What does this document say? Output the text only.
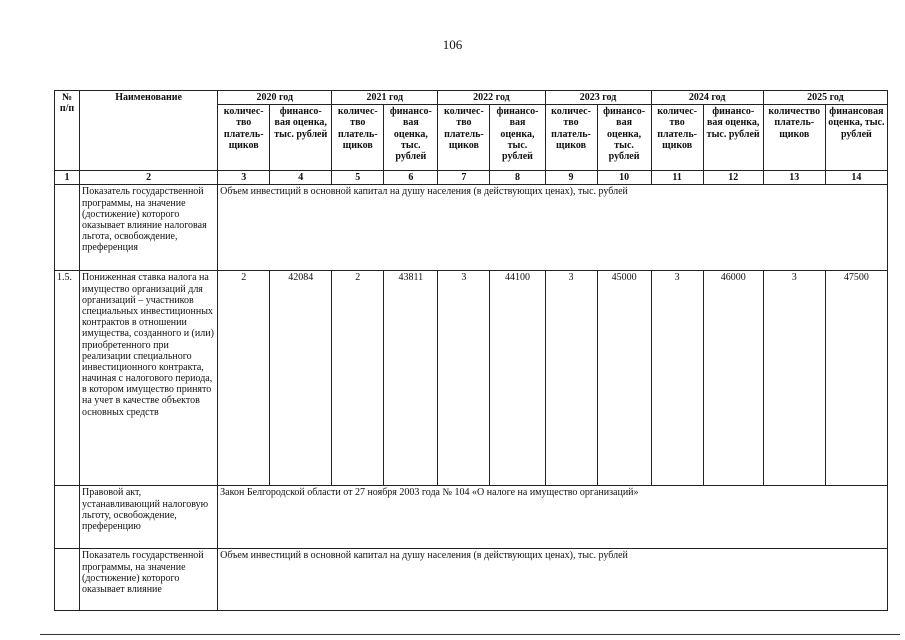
106
№ п/п	Наименование	2020 год		2021 год		2022 год		2023 год		2024 год		2025 год	
		количес-тво платель-щиков	финансо-вая оценка, тыс. рублей	количес-тво платель-щиков	финансо-вая оценка, тыс. рублей	количес-тво платель-щиков	финансо-вая оценка, тыс. рублей	количес-тво платель-щиков	финансо-вая оценка, тыс. рублей	количес-тво платель-щиков	финансо-вая оценка, тыс. рублей	количество платель-щиков	финансовая оценка, тыс. рублей
1	2	3	4	5	6	7	8	9	10	11	12	13	14
	Показатель государственной программы, на значение (достижение) которого оказывает влияние налоговая льгота, освобождение, преференция	Объем инвестиций в основной капитал на душу населения (в действующих ценах), тыс. рублей											
1.5.	Пониженная ставка налога на имущество организаций для организаций – участников специальных инвестиционных контрактов в отношении имущества, созданного и (или) приобретенного при реализации специального инвестиционного контракта, начиная с налогового периода, в котором имущество принято на учет в качестве объектов основных средств	2	42084	2	43811	3	44100	3	45000	3	46000	3	47500
	Правовой акт, устанавливающий налоговую льготу, освобождение, преференцию	Закон Белгородской области от 27 ноября 2003 года № 104 «О налоге на имущество организаций»											
	Показатель государственной программы, на значение (достижение) которого оказывает влияние	Объем инвестиций в основной капитал на душу населения (в действующих ценах), тыс. рублей											
